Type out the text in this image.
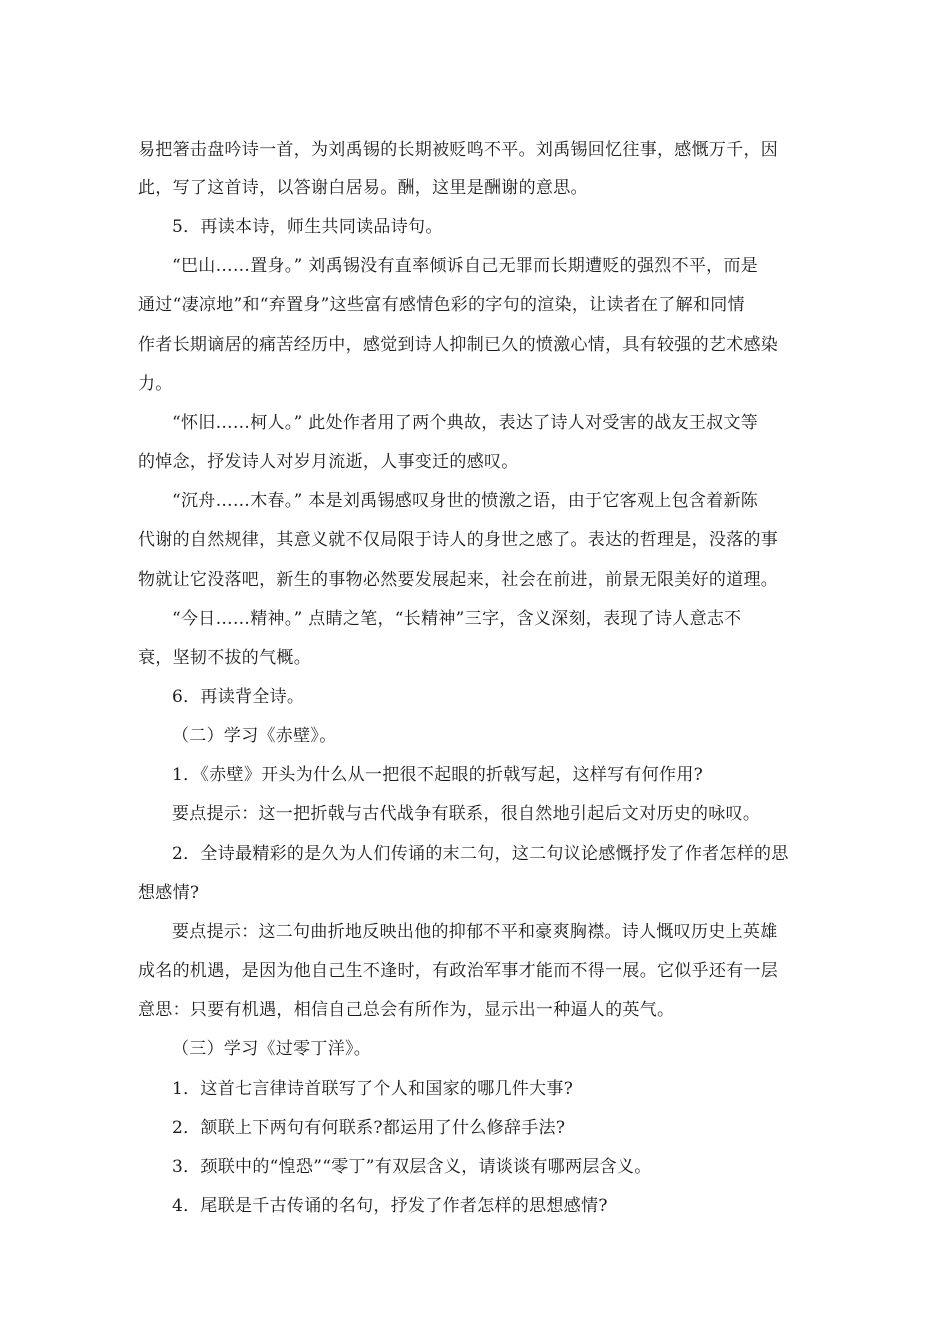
易把箸击盘吟诗一首，为刘禹锡的长期被贬鸣不平。刘禹锡回忆往事，感慨万千，因
此，写了这首诗，以答谢白居易。酬，这里是酬谢的意思。
5．再读本诗，师生共同读品诗句。
“巴山……置身。” 刘禹锡没有直率倾诉自己无罪而长期遭贬的强烈不平，而是
通过“凄凉地”和“弃置身”这些富有感情色彩的字句的渲染，让读者在了解和同情
作者长期谪居的痛苦经历中，感觉到诗人抑制已久的愤激心情，具有较强的艺术感染
力。
“怀旧……柯人。” 此处作者用了两个典故，表达了诗人对受害的战友王叔文等
的悼念，抒发诗人对岁月流逝，人事变迁的感叹。
“沉舟……木春。” 本是刘禹锡感叹身世的愤激之语，由于它客观上包含着新陈
代谢的自然规律，其意义就不仅局限于诗人的身世之感了。表达的哲理是，没落的事
物就让它没落吧，新生的事物必然要发展起来，社会在前进，前景无限美好的道理。
“今日……精神。” 点睛之笔，“长精神”三字，含义深刻，表现了诗人意志不
衰，坚韧不拔的气概。
6．再读背全诗。
（二）学习《赤壁》。
1．《赤壁》开头为什么从一把很不起眼的折戟写起，这样写有何作用?
要点提示：这一把折戟与古代战争有联系，很自然地引起后文对历史的咏叹。
2．全诗最精彩的是久为人们传诵的末二句，这二句议论感慨抒发了作者怎样的思
想感情?
要点提示：这二句曲折地反映出他的抑郁不平和豪爽胸襟。诗人慨叹历史上英雄
成名的机遇，是因为他自己生不逢时，有政治军事才能而不得一展。它似乎还有一层
意思：只要有机遇，相信自己总会有所作为，显示出一种逼人的英气。
（三）学习《过零丁洋》。
1．这首七言律诗首联写了个人和国家的哪几件大事?
2．颔联上下两句有何联系?都运用了什么修辞手法?
3．颈联中的“惶恐”“零丁”有双层含义，请谈谈有哪两层含义。
4．尾联是千古传诵的名句，抒发了作者怎样的思想感情?
